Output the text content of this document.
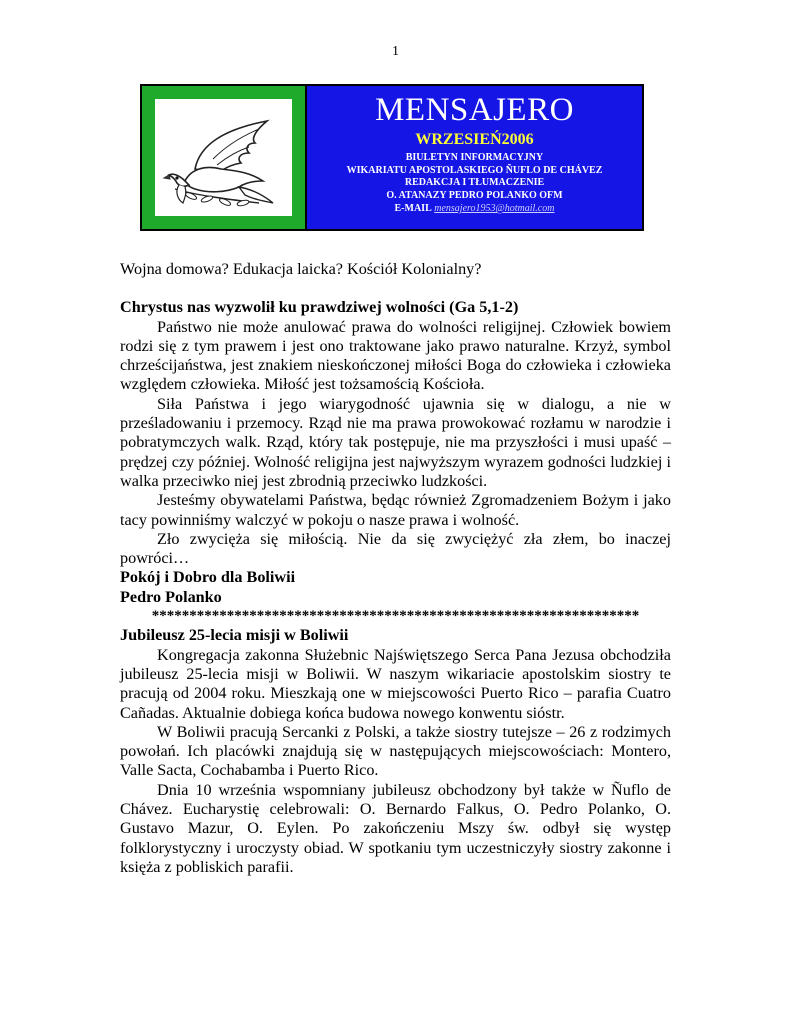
1
MENSAJERO
WRZESIEŃ2006
BIULETYN INFORMACYJNY
WIKARIATU APOSTOLASKIEGO ÑUFLO DE CHÁVEZ
REDAKCJA I TŁUMACZENIE
O. ATANAZY PEDRO POLANKO OFM
E-MAIL mensajero1953@hotmail.com

Wojna domowa? Edukacja laicka? Kościół Kolonialny?

Chrystus nas wyzwolił ku prawdziwej wolności (Ga 5,1-2)

Państwo nie może anulować prawa do wolności religijnej. Człowiek bowiem rodzi się z tym prawem i jest ono traktowane jako prawo naturalne. Krzyż, symbol chrześcijaństwa, jest znakiem nieskończonej miłości Boga do człowieka i człowieka względem człowieka. Miłość jest tożsamością Kościoła.

Siła Państwa i jego wiarygodność ujawnia się w dialogu, a nie w prześladowaniu i przemocy. Rząd nie ma prawa prowokować rozłamu w narodzie i pobratymczych walk. Rząd, który tak postępuje, nie ma przyszłości i musi upaść – prędzej czy później. Wolność religijna jest najwyższym wyrazem godności ludzkiej i walka przeciwko niej jest zbrodnią przeciwko ludzkości.

Jesteśmy obywatelami Państwa, będąc również Zgromadzeniem Bożym i jako tacy powinniśmy walczyć w pokoju o nasze prawa i wolność.

Zło zwycięża się miłością. Nie da się zwyciężyć zła złem, bo inaczej powróci…

Pokój i Dobro dla Boliwii

Pedro Polanko

*****************************************************************

Jubileusz 25-lecia misji w Boliwii

Kongregacja zakonna Służebnic Najświętszego Serca Pana Jezusa obchodziła jubileusz 25-lecia misji w Boliwii. W naszym wikariacie apostolskim siostry te pracują od 2004 roku. Mieszkają one w miejscowości Puerto Rico – parafia Cuatro Cañadas. Aktualnie dobiega końca budowa nowego konwentu sióstr.

W Boliwii pracują Sercanki z Polski, a także siostry tutejsze – 26 z rodzimych powołań. Ich placówki znajdują się w następujących miejscowościach: Montero, Valle Sacta, Cochabamba i Puerto Rico.

Dnia 10 września wspomniany jubileusz obchodzony był także w Ñuflo de Chávez. Eucharystię celebrowali: O. Bernardo Falkus, O. Pedro Polanko, O. Gustavo Mazur, O. Eylen. Po zakończeniu Mszy św. odbył się występ folklorystyczny i uroczysty obiad. W spotkaniu tym uczestniczyły siostry zakonne i księża z pobliskich parafii.
